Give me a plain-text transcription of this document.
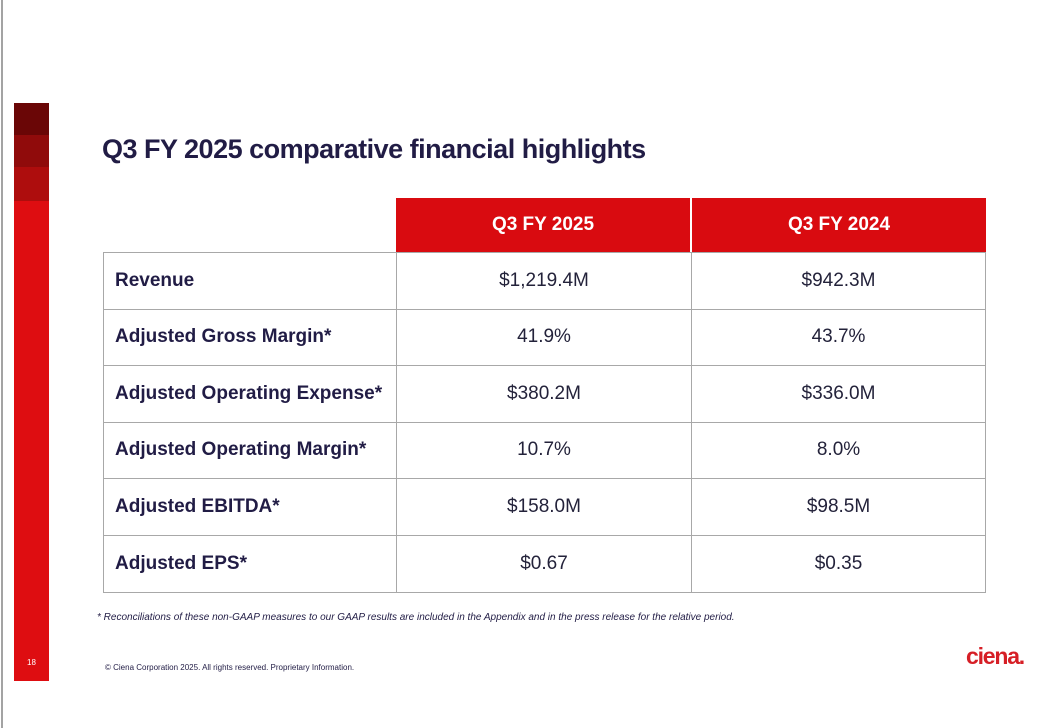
18
Q3 FY 2025 comparative financial highlights
Q3 FY 2025	Q3 FY 2024
Revenue	$1,219.4M	$942.3M
Adjusted Gross Margin*	41.9%	43.7%
Adjusted Operating Expense*	$380.2M	$336.0M
Adjusted Operating Margin*	10.7%	8.0%
Adjusted EBITDA*	$158.0M	$98.5M
Adjusted EPS*	$0.67	$0.35
* Reconciliations of these non-GAAP measures to our GAAP results are included in the Appendix and in the press release for the relative period.
© Ciena Corporation 2025. All rights reserved. Proprietary Information.	ciena.
